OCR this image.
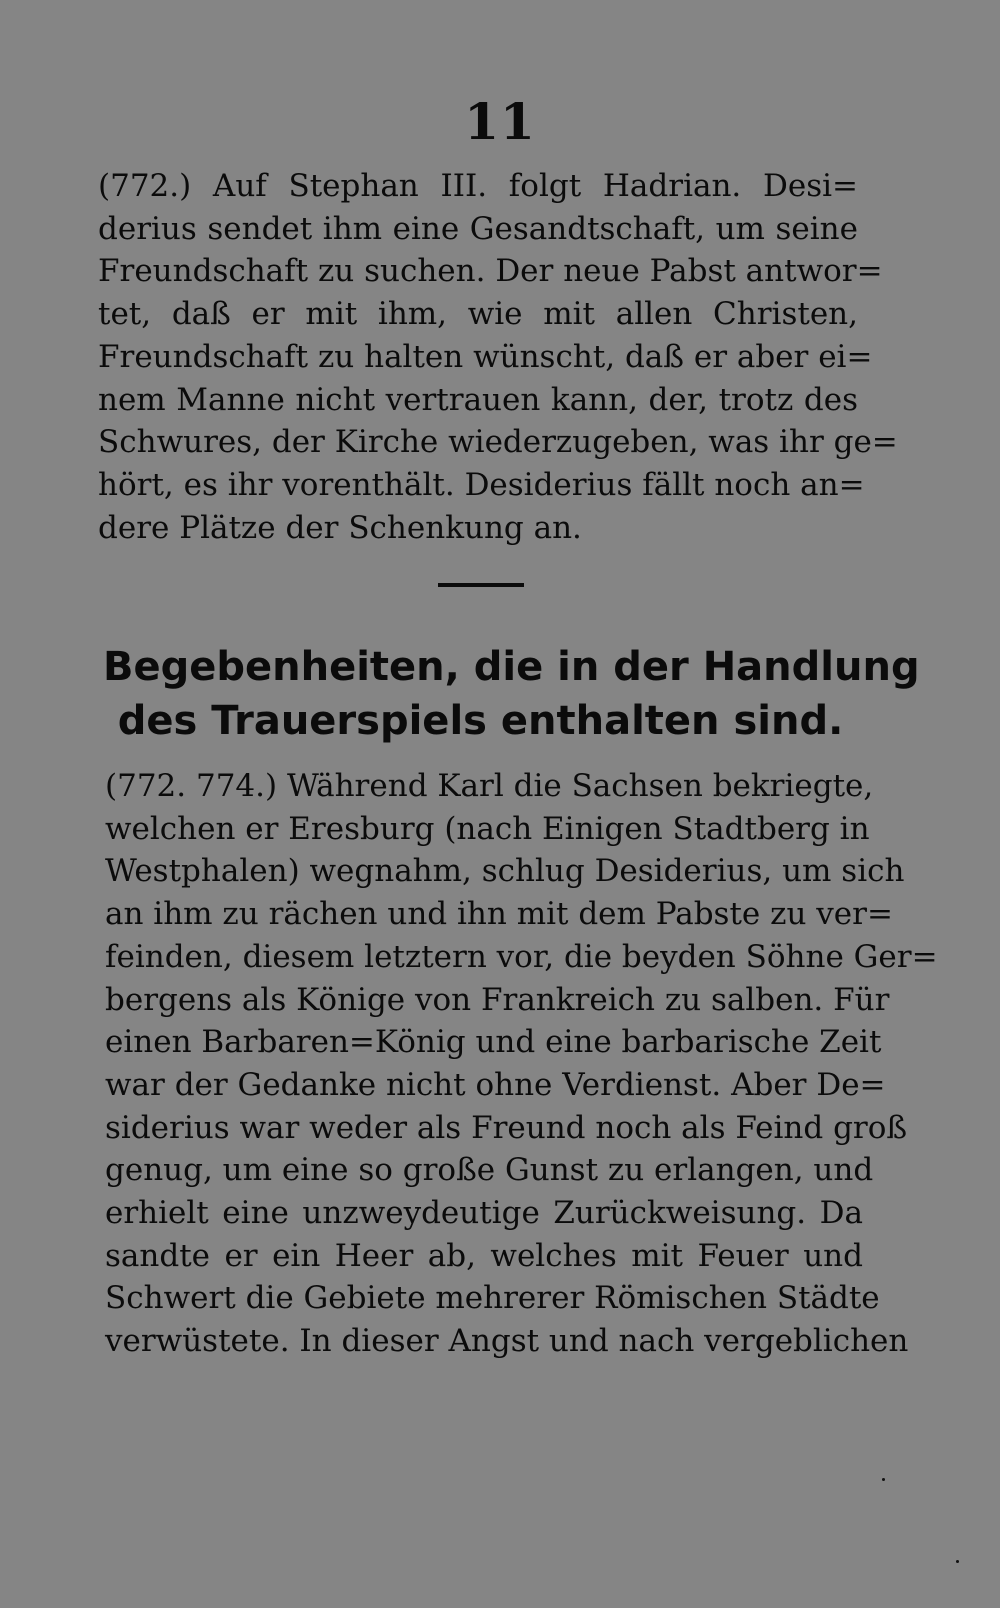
11
(772.) Auf Stephan III. folgt Hadrian. Desi=
derius sendet ihm eine Gesandtschaft, um seine
Freundschaft zu suchen. Der neue Pabst antwor=
tet, daß er mit ihm, wie mit allen Christen,
Freundschaft zu halten wünscht, daß er aber ei=
nem Manne nicht vertrauen kann, der, trotz des
Schwures, der Kirche wiederzugeben, was ihr ge=
hört, es ihr vorenthält. Desiderius fällt noch an=
dere Plätze der Schenkung an.
Begebenheiten, die in der Handlung
des Trauerspiels enthalten sind.
(772. 774.) Während Karl die Sachsen bekriegte,
welchen er Eresburg (nach Einigen Stadtberg in
Westphalen) wegnahm, schlug Desiderius, um sich
an ihm zu rächen und ihn mit dem Pabste zu ver=
feinden, diesem letztern vor, die beyden Söhne Ger=
bergens als Könige von Frankreich zu salben. Für
einen Barbaren=König und eine barbarische Zeit
war der Gedanke nicht ohne Verdienst. Aber De=
siderius war weder als Freund noch als Feind groß
genug, um eine so große Gunst zu erlangen, und
erhielt eine unzweydeutige Zurückweisung. Da
sandte er ein Heer ab, welches mit Feuer und
Schwert die Gebiete mehrerer Römischen Städte
verwüstete. In dieser Angst und nach vergeblichen
